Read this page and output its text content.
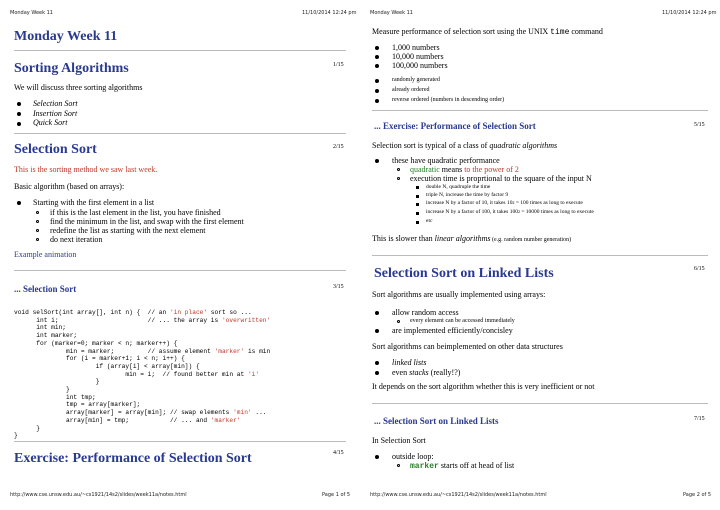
Monday Week 11	11/10/2014 12:24 pm
Monday Week 11
Sorting Algorithms	1/15
We will discuss three sorting algorithms
Selection Sort
Insertion Sort
Quick Sort
Selection Sort	2/15
This is the sorting method we saw last week.
Basic algorithm (based on arrays):
Starting with the first element in a list
if this is the last element in the list, you have finished
find the minimum in the list, and swap with the first element
redefine the list as starting with the next element
do next iteration
Example animation
... Selection Sort	3/15
void selSort(int array[], int n) {  // an 'in place' sort so ...
int i;                        // ... the array is 'overwritten'
int min;
int marker;
for (marker=0; marker < n; marker++) {
min = marker;         // assume element 'marker' is min
for (i = marker+1; i < n; i++) {
if (array[i] < array[min]) {
min = i;  // found better min at 'i'
}
}
int tmp;
tmp = array[marker];
array[marker] = array[min]; // swap elements 'min' ...
array[min] = tmp;           // ... and 'marker'
}
}
Exercise: Performance of Selection Sort	4/15
http://www.cse.unsw.edu.au/~cs1921/14s2/slides/week11a/notes.html	Page 1 of 5
Monday Week 11	11/10/2014 12:24 pm
Measure performance of selection sort using the UNIX time command
1,000 numbers
10,000 numbers
100,000 numbers
randomly generated
already ordered
reverse ordered (numbers in descending order)
... Exercise: Performance of Selection Sort	5/15
Selection sort is typical of a class of quadratic algorithms
these have quadratic performance
quadratic means to the power of 2
execution time is proprtional to the square of the input N
double N, quadruple the time
triple N, increase the time by factor 9
increase N by a factor of 10, it takes $10^2 = 100$ times as long to execute
increase N by a factor of 100, it takes $100^2 = 10000$ times as long to execute
etc
This is slower than linear algorithms (e.g. random number generation)
Selection Sort on Linked Lists	6/15
Sort algorithms are usually implemented using arrays:
allow random access
every element can be accessed immediately
are implemented efficiently/concisley
Sort algorithms can beimplemented on other data structures
linked lists
even stacks (really!?)
It depends on the sort algorithm whether this is very inefficient or not
... Selection Sort on Linked Lists	7/15
In Selection Sort
outside loop:
marker starts off at head of list
http://www.cse.unsw.edu.au/~cs1921/14s2/slides/week11a/notes.html	Page 2 of 5
